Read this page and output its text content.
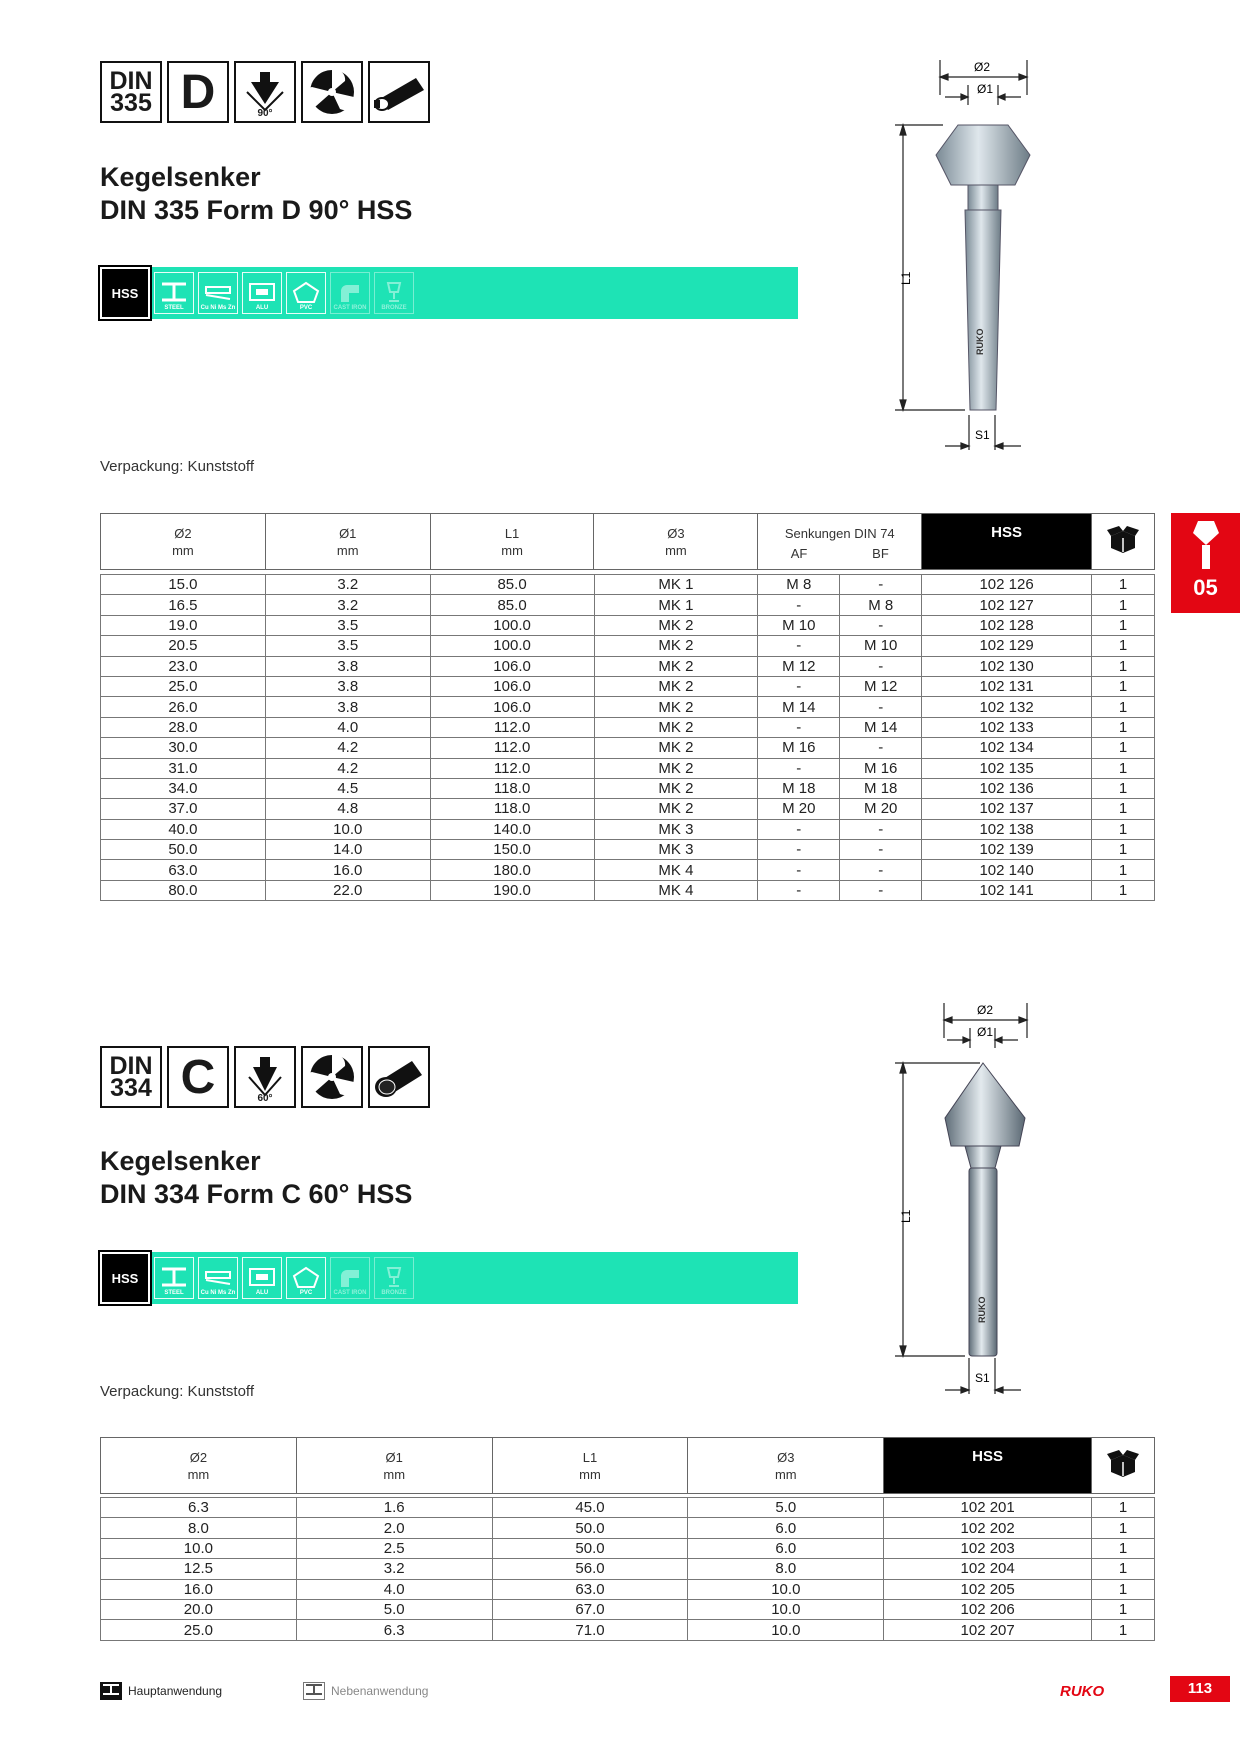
DIN
335 D	90°
Kegelsenker
DIN 335 Form D 90° HSS
HSS
STEEL	Cu Ni Ms Zn	ALU	PVC	CAST IRON BRONZE
RUKO
Ø2
Ø1
L1
S1
Verpackung: Kunststoff
Ø2
mm	Ø1
mm	L1
mm	Ø3
mm	
Senkungen DIN 74
AF	BF
	HSS	
15.0	3.2	85.0	MK 1	M 8	-	102 126	1
16.5	3.2	85.0	MK 1	-	M 8	102 127	1
19.0	3.5	100.0	MK 2	M 10	-	102 128	1
20.5	3.5	100.0	MK 2	-	M 10	102 129	1
23.0	3.8	106.0	MK 2	M 12	-	102 130	1
25.0	3.8	106.0	MK 2	-	M 12	102 131	1
26.0	3.8	106.0	MK 2	M 14	-	102 132	1
28.0	4.0	112.0	MK 2	-	M 14	102 133	1
30.0	4.2	112.0	MK 2	M 16	-	102 134	1
31.0	4.2	112.0	MK 2	-	M 16	102 135	1
34.0	4.5	118.0	MK 2	M 18	M 18	102 136	1
37.0	4.8	118.0	MK 2	M 20	M 20	102 137	1
40.0	10.0	140.0	MK 3	-	-	102 138	1
50.0	14.0	150.0	MK 3	-	-	102 139	1
63.0	16.0	180.0	MK 4	-	-	102 140	1
80.0	22.0	190.0	MK 4	-	-	102 141	1
05
DIN
334 C	60°
Kegelsenker
DIN 334 Form C 60° HSS
HSS
STEEL	Cu Ni Ms Zn	ALU	PVC	CAST IRON BRONZE
RUKO
Ø2
Ø1
L1
S1
Verpackung: Kunststoff
Ø2
mm	Ø1
mm	L1
mm	Ø3
mm	HSS	
6.3	1.6	45.0	5.0	102 201	1
8.0	2.0	50.0	6.0	102 202	1
10.0	2.5	50.0	6.0	102 203	1
12.5	3.2	56.0	8.0	102 204	1
16.0	4.0	63.0	10.0	102 205	1
20.0	5.0	67.0	10.0	102 206	1
25.0	6.3	71.0	10.0	102 207	1
Hauptanwendung	Nebenanwendung	RUKO	113
